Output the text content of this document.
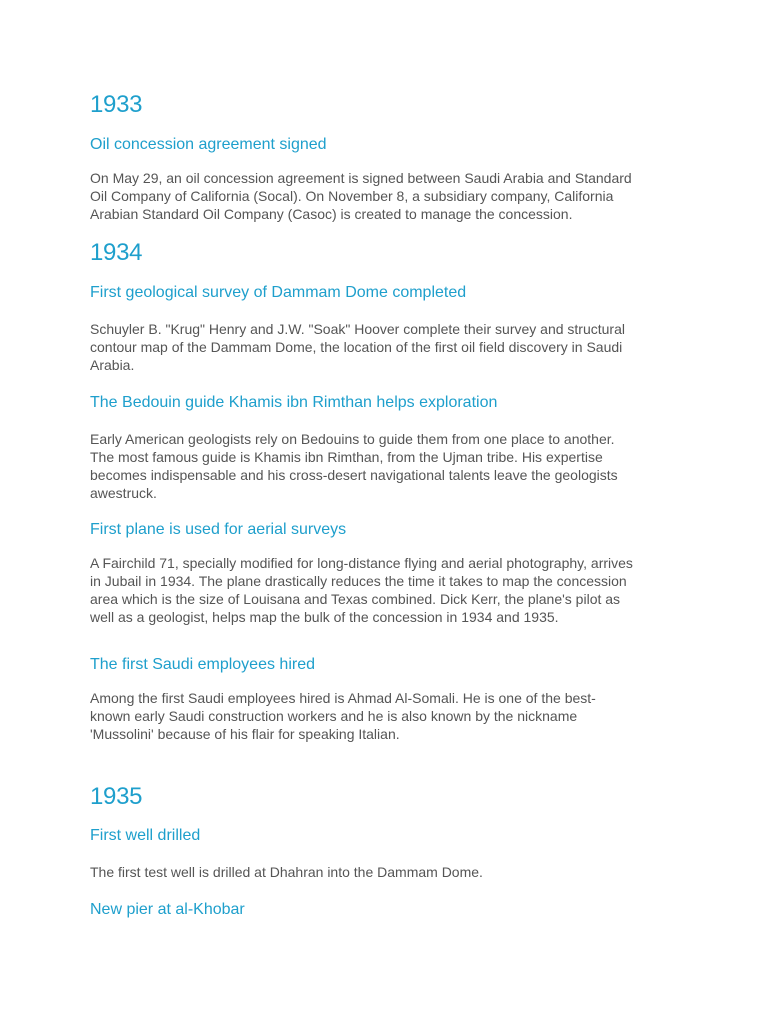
1933
Oil concession agreement signed

On May 29, an oil concession agreement is signed between Saudi Arabia and Standard
Oil Company of California (Socal). On November 8, a subsidiary company, California
Arabian Standard Oil Company (Casoc) is created to manage the concession.

1934
First geological survey of Dammam Dome completed

Schuyler B. "Krug" Henry and J.W. "Soak" Hoover complete their survey and structural
contour map of the Dammam Dome, the location of the first oil field discovery in Saudi
Arabia.

The Bedouin guide Khamis ibn Rimthan helps exploration

Early American geologists rely on Bedouins to guide them from one place to another.
The most famous guide is Khamis ibn Rimthan, from the Ujman tribe. His expertise
becomes indispensable and his cross-desert navigational talents leave the geologists
awestruck.

First plane is used for aerial surveys

A Fairchild 71, specially modified for long-distance flying and aerial photography, arrives
in Jubail in 1934. The plane drastically reduces the time it takes to map the concession
area which is the size of Louisana and Texas combined. Dick Kerr, the plane's pilot as
well as a geologist, helps map the bulk of the concession in 1934 and 1935.

The first Saudi employees hired

Among the first Saudi employees hired is Ahmad Al-Somali. He is one of the best-
known early Saudi construction workers and he is also known by the nickname
'Mussolini' because of his flair for speaking Italian.

1935
First well drilled

The first test well is drilled at Dhahran into the Dammam Dome.

New pier at al-Khobar
